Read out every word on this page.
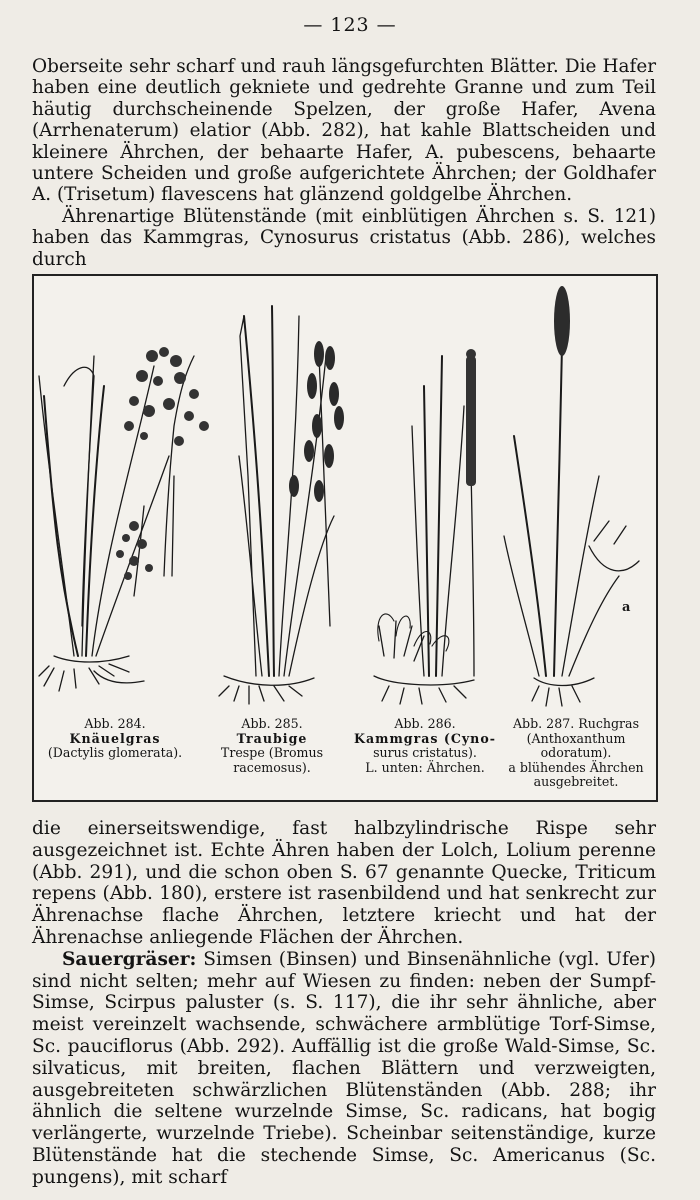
— 123 —

Oberseite sehr scharf und rauh längsgefurchten Blätter. Die Hafer haben eine deutlich gekniete und gedrehte Granne und zum Teil häutig durchscheinende Spelzen, der große Hafer, Avena (Arrhenaterum) elatior (Abb. 282), hat kahle Blattscheiden und kleinere Ährchen, der behaarte Hafer, A. pubescens, behaarte untere Scheiden und große aufgerichtete Ährchen; der Goldhafer A. (Trisetum) flavescens hat glänzend goldgelbe Ährchen.

Ährenartige Blütenstände (mit einblütigen Ährchen s. S. 121) haben das Kammgras, Cynosurus cristatus (Abb. 286), welches durch

a
Abb. 284.
Knäuelgras
(Dactylis glomerata).
Abb. 285.
Traubige
Trespe (Bromus
racemosus).
Abb. 286.
Kammgras (Cyno-
surus cristatus).
L. unten: Ährchen.
Abb. 287. Ruchgras
(Anthoxanthum
odoratum).
a blühendes Ährchen
ausgebreitet.

die einerseitswendige, fast halbzylindrische Rispe sehr ausgezeichnet ist. Echte Ähren haben der Lolch, Lolium perenne (Abb. 291), und die schon oben S. 67 genannte Quecke, Triticum repens (Abb. 180), erstere ist rasenbildend und hat senkrecht zur Ährenachse flache Ährchen, letztere kriecht und hat der Ährenachse anliegende Flächen der Ährchen.

Sauergräser: Simsen (Binsen) und Binsenähnliche (vgl. Ufer) sind nicht selten; mehr auf Wiesen zu finden: neben der Sumpf-Simse, Scirpus paluster (s. S. 117), die ihr sehr ähnliche, aber meist vereinzelt wachsende, schwächere armblütige Torf-Simse, Sc. pauciflorus (Abb. 292). Auffällig ist die große Wald-Simse, Sc. silvaticus, mit breiten, flachen Blättern und verzweigten, ausgebreiteten schwärzlichen Blütenständen (Abb. 288; ihr ähnlich die seltene wurzelnde Simse, Sc. radicans, hat bogig verlängerte, wurzelnde Triebe). Scheinbar seitenständige, kurze Blütenstände hat die stechende Simse, Sc. Americanus (Sc. pungens), mit scharf
